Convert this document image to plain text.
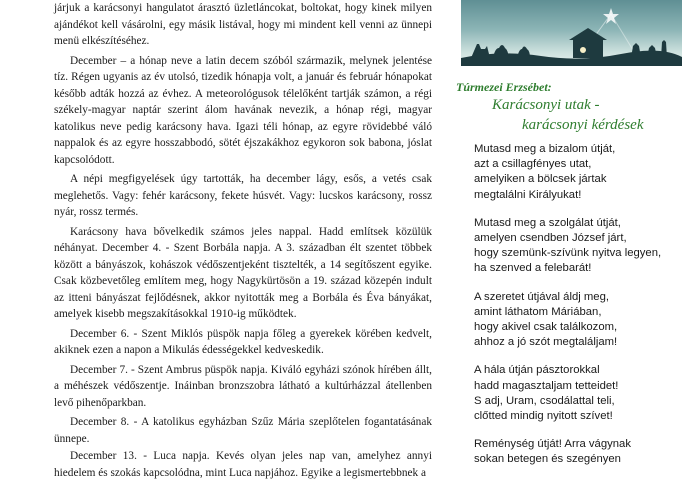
járjuk a karácsonyi hangulatot árasztó üzletláncokat, boltokat, hogy kinek milyen ajándékot kell vásárolni, egy másik listával, hogy mi mindent kell venni az ünnepi menü elkészítéséhez.

December – a hónap neve a latin decem szóból származik, melynek jelentése tíz. Régen ugyanis az év utolsó, tizedik hónapja volt, a január és február hónapokat később adták hozzá az évhez. A meteorológusok télelőként tartják számon, a régi székely-magyar naptár szerint álom havának nevezik, a hónap régi, magyar katolikus neve pedig karácsony hava. Igazi téli hónap, az egyre rövidebbé váló nappalok és az egyre hosszabbodó, sötét éjszakákhoz egykoron sok babona, jóslat kapcsolódott.

A népi megfigyelések úgy tartották, ha december lágy, esős, a vetés csak meglehetős. Vagy: fehér karácsony, fekete húsvét. Vagy: lucskos karácsony, rossz nyár, rossz termés.

Karácsony hava bővelkedik számos jeles nappal. Hadd említsek közülük néhányat. December 4. - Szent Borbála napja. A 3. században élt szentet többek között a bányászok, kohászok védőszentjeként tisztelték, a 14 segítőszent egyike. Csak közbevetőleg említem meg, hogy Nagykürtösön a 19. század közepén indult az itteni bányászat fejlődésnek, akkor nyitották meg a Borbála és Éva bányákat, amelyek kisebb megszakításokkal 1910-ig működtek.

December 6. - Szent Miklós püspök napja főleg a gyerekek körében kedvelt, akiknek ezen a napon a Mikulás édességekkel kedveskedik.

December 7. - Szent Ambrus püspök napja. Kiváló egyházi szónok hírében állt, a méhészek védőszentje. Ináinban bronzszobra látható a kultúrházzal átellenben levő pihenőparkban.

December 8. - A katolikus egyházban Szűz Mária szeplőtelen fogantatásának ünnepe.

December 13. - Luca napja. Kevés olyan jeles nap van, amelyhez annyi hiedelem és szokás kapcsolódna, mint Luca napjához. Egyike a legismertebbnek a

Túrmezei Erzsébet:
Karácsonyi utak -
karácsonyi kérdések
Mutasd meg a bizalom útját,
azt a csillagfényes utat,
amelyiken a bölcsek jártak
megtalálni Királyukat!
Mutasd meg a szolgálat útját,
amelyen csendben József járt,
hogy szemünk-szívünk nyitva legyen,
ha szenved a felebarát!
A szeretet útjával áldj meg,
amint láthatom Máriában,
hogy akivel csak találkozom,
ahhoz a jó szót megtaláljam!
A hála útján pásztorokkal
hadd magasztaljam tetteidet!
S adj, Uram, csodálattal teli,
clőtted mindig nyitott szívet!
Reménység útját! Arra vágynak
sokan betegen és szegényen
